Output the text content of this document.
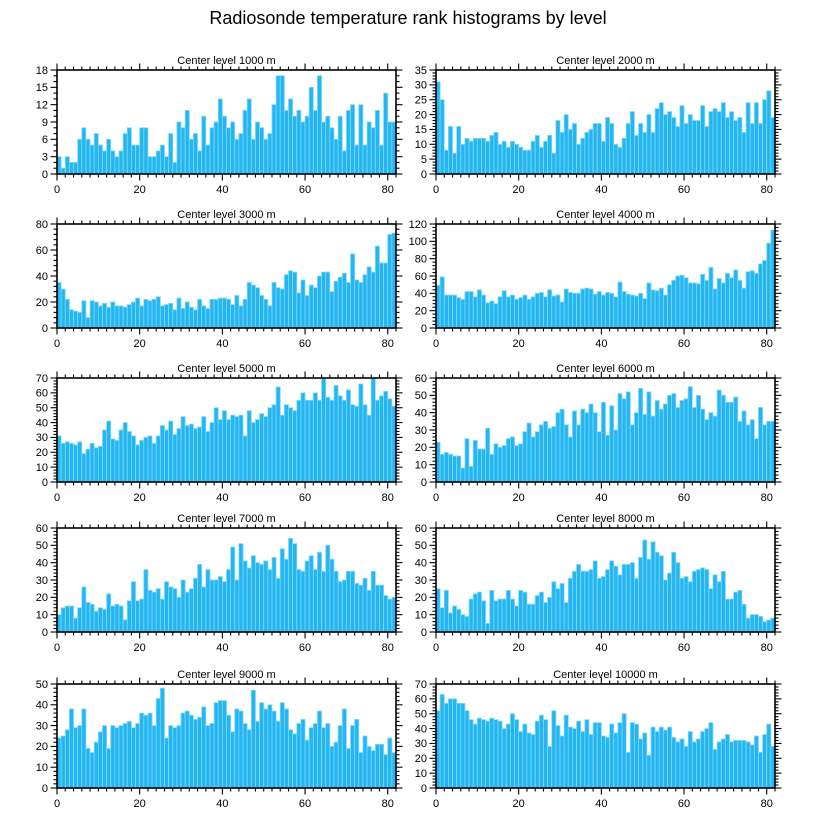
Radiosonde temperature rank histograms by level
Center level 1000 m
0
3
6
9
12
15
18
0	20	40	60	80
Center level 2000 m
0
5
10
15
20
25
30
35
0	20	40	60	80
Center level 3000 m
0
20
40
60
80
0	20	40	60	80
Center level 4000 m
0
20
40
60
80
100
120
0	20	40	60	80
Center level 5000 m
0
10
20
30
40
50
60
70
0	20	40	60	80
Center level 6000 m
0
10
20
30
40
50
60
0	20	40	60	80
Center level 7000 m
0
10
20
30
40
50
60
0	20	40	60	80
Center level 8000 m
0
10
20
30
40
50
60
0	20	40	60	80
Center level 9000 m
0
10
20
30
40
50
0	20	40	60	80
Center level 10000 m
0
10
20
30
40
50
60
70
0	20	40	60	80
